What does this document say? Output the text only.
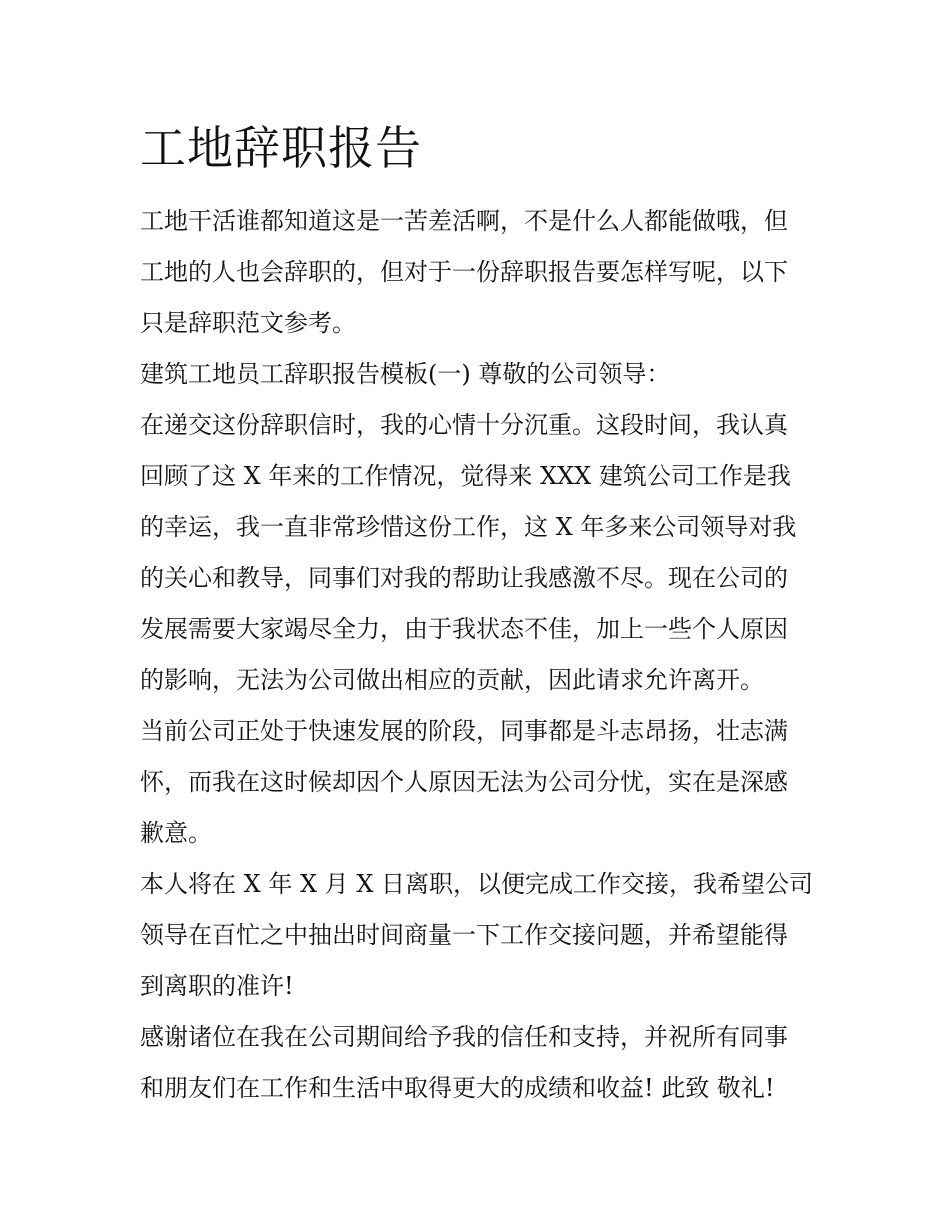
工地辞职报告

工地干活谁都知道这是一苦差活啊，不是什么人都能做哦，但

工地的人也会辞职的，但对于一份辞职报告要怎样写呢，以下

只是辞职范文参考。

建筑工地员工辞职报告模板(一) 尊敬的公司领导：

在递交这份辞职信时，我的心情十分沉重。这段时间，我认真

回顾了这 X 年来的工作情况，觉得来 XXX 建筑公司工作是我

的幸运，我一直非常珍惜这份工作，这 X 年多来公司领导对我

的关心和教导，同事们对我的帮助让我感激不尽。现在公司的

发展需要大家竭尽全力，由于我状态不佳，加上一些个人原因

的影响，无法为公司做出相应的贡献，因此请求允许离开。

当前公司正处于快速发展的阶段，同事都是斗志昂扬，壮志满

怀，而我在这时候却因个人原因无法为公司分忧，实在是深感

歉意。

本人将在 X 年 X 月 X 日离职，以便完成工作交接，我希望公司

领导在百忙之中抽出时间商量一下工作交接问题，并希望能得

到离职的准许!

感谢诸位在我在公司期间给予我的信任和支持，并祝所有同事

和朋友们在工作和生活中取得更大的成绩和收益! 此致 敬礼!
